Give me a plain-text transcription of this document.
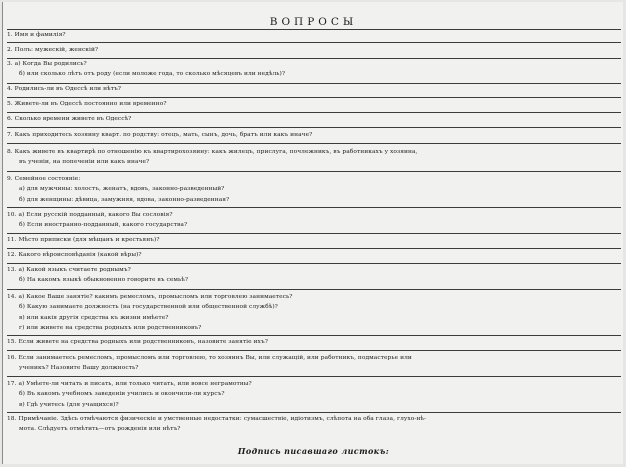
ВОПРОСЫ
1. Имя и фамилія?
2. Полъ: мужескій, женскій?
3. а) Когда Вы родились?
б) или сколько лѣтъ отъ роду (если моложе года, то сколько мѣсяцевъ или недѣль)?
4. Родились-ли въ Одессѣ или нѣтъ?
5. Живете-ли въ Одессѣ постоянно или временно?
6. Сколько времени живете въ Одессѣ?
7. Какъ приходитесь хозяину кварт. по родству: отецъ, мать, сынъ, дочь, братъ или какъ иначе?
8. Какъ живете въ квартирѣ по отношенію къ квартирохозяину: какъ жилецъ, прислуга, почлежникъ, въ работникахъ у хозяина,
въ ученіи, на попеченіи или какъ иначе?
9. Семейное состояніе:
а) для мужчины: холостъ, женатъ, вдовъ, законно-разведенный?
б) для женщины: дѣвица, замужняя, вдова, законно-разведенная?
10. а) Если русскій подданный, какого Вы сословія?
б) Если иностранно-подданный, какого государства?
11. Мѣсто приписки (для мѣщанъ и крестьянъ)?
12. Какого вѣроисповѣданія (какой вѣры)?
13. а) Какой языкъ считаете роднымъ?
б) На какомъ языкѣ обыкновенно говорите въ семьѣ?
14. а) Какое Ваше занятіе? какимъ ремесломъ, промысломъ или торговлею занимаетесь?
б) Какую занимаете должность (на государственной или общественной службѣ)?
в) или какія другія средства къ жизни имѣете?
г) или живете на средства родныхъ или родственниковъ?
15. Если живете на средства родныхъ или родственниковъ, назовите занятіе ихъ?
16. Если занимаетесь ремесломъ, промысломъ или торговлею, то хозяинъ Вы, или служащій, или работникъ, подмастерье или
ученикъ? Назовите Вашу должность?
17. а) Умѣете-ли читать и писать, или только читать, или вовсе неграмотны?
б) Въ какомъ учебномъ заведеніи учились и окончили-ли курсъ?
в) Гдѣ учитесь (для учащихся)?
18. Примѣчаніе. Здѣсь отмѣчаются физическіе и умственные недостатки: сумасшествіе, идіотизмъ, слѣпота на оба глаза, глухо-нѣ-
мота. Слѣдуетъ отмѣтить—отъ рожденія или нѣтъ?
Подпись писавшаго листокъ:
